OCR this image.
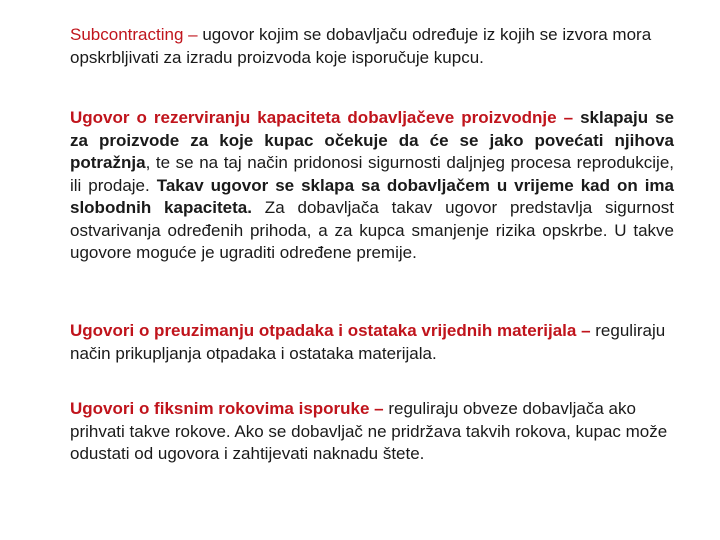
Subcontracting – ugovor kojim se dobavljaču određuje iz kojih se izvora mora opskrbljivati za izradu proizvoda koje isporučuje kupcu.

Ugovor o rezerviranju kapaciteta dobavljačeve proizvodnje – sklapaju se za proizvode za koje kupac očekuje da će se jako povećati njihova potražnja, te se na taj način pridonosi sigurnosti daljnjeg procesa reprodukcije, ili prodaje. Takav ugovor se sklapa sa dobavljačem u vrijeme kad on ima slobodnih kapaciteta. Za dobavljača takav ugovor predstavlja sigurnost ostvarivanja određenih prihoda, a za kupca smanjenje rizika opskrbe. U takve ugovore moguće je ugraditi određene premije.

Ugovori o preuzimanju otpadaka i ostataka vrijednih materijala – reguliraju način prikupljanja otpadaka i ostataka materijala.

Ugovori o fiksnim rokovima isporuke – reguliraju obveze dobavljača ako prihvati takve rokove. Ako se dobavljač ne pridržava takvih rokova, kupac može odustati od ugovora i zahtijevati naknadu štete.
